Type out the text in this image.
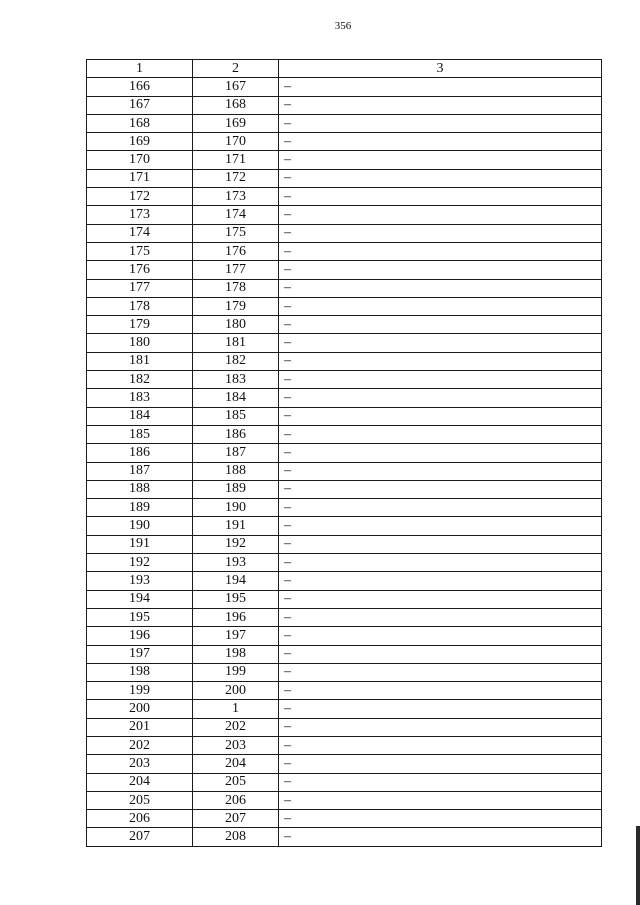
356
1	2	3
166	167	–
167	168	–
168	169	–
169	170	–
170	171	–
171	172	–
172	173	–
173	174	–
174	175	–
175	176	–
176	177	–
177	178	–
178	179	–
179	180	–
180	181	–
181	182	–
182	183	–
183	184	–
184	185	–
185	186	–
186	187	–
187	188	–
188	189	–
189	190	–
190	191	–
191	192	–
192	193	–
193	194	–
194	195	–
195	196	–
196	197	–
197	198	–
198	199	–
199	200	–
200	1	–
201	202	–
202	203	–
203	204	–
204	205	–
205	206	–
206	207	–
207	208	–
